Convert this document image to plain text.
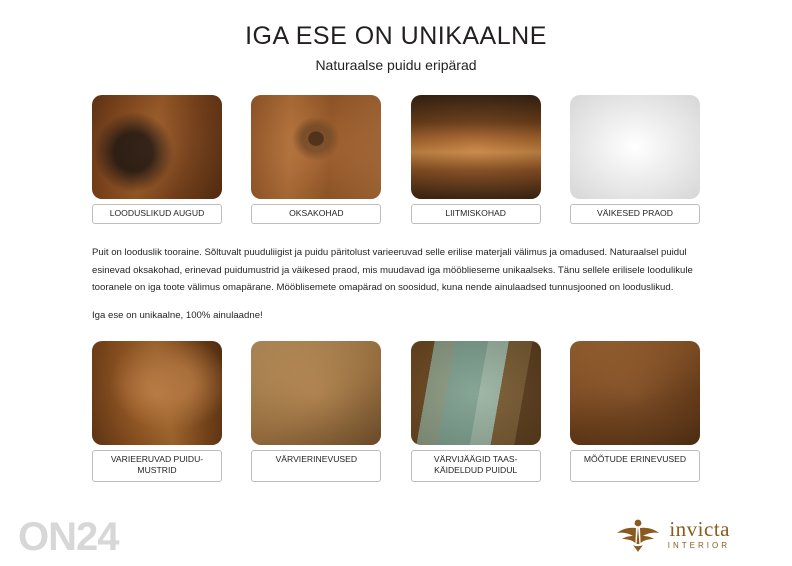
IGA ESE ON UNIKAALNE

Naturaalse puidu eripärad

LOODUSLIKUD AUGUD	OKSAKOHAD	LIITMISKOHAD	VÄIKESED PRAOD

Puit on looduslik tooraine. Sõltuvalt puuduliigist ja puidu päritolust varieeruvad selle erilise materjali välimus ja omadused. Naturaalsel puidul esinevad oksakohad, erinevad puidumustrid ja väikesed praod, mis muudavad iga mööbliesemе unikaalseks. Tänu sellele erilisele loodulikule tooranele on iga toote välimus omapärane. Mööblisemete omapärad on soosidud, kuna nende ainulaadsed tunnusjooned on looduslikud.

Iga ese on unikaalne, 100% ainulaadne!

VARIEERUVAD PUIDU-
MUSTRID
VÄRVIERINEVUSED	VÄRVIJÄÄGID TAAS-
KÄIDELDUD PUIDUL
MÕÕTUDE ERINEVUSED
ON24	invicta
INTERIOR
